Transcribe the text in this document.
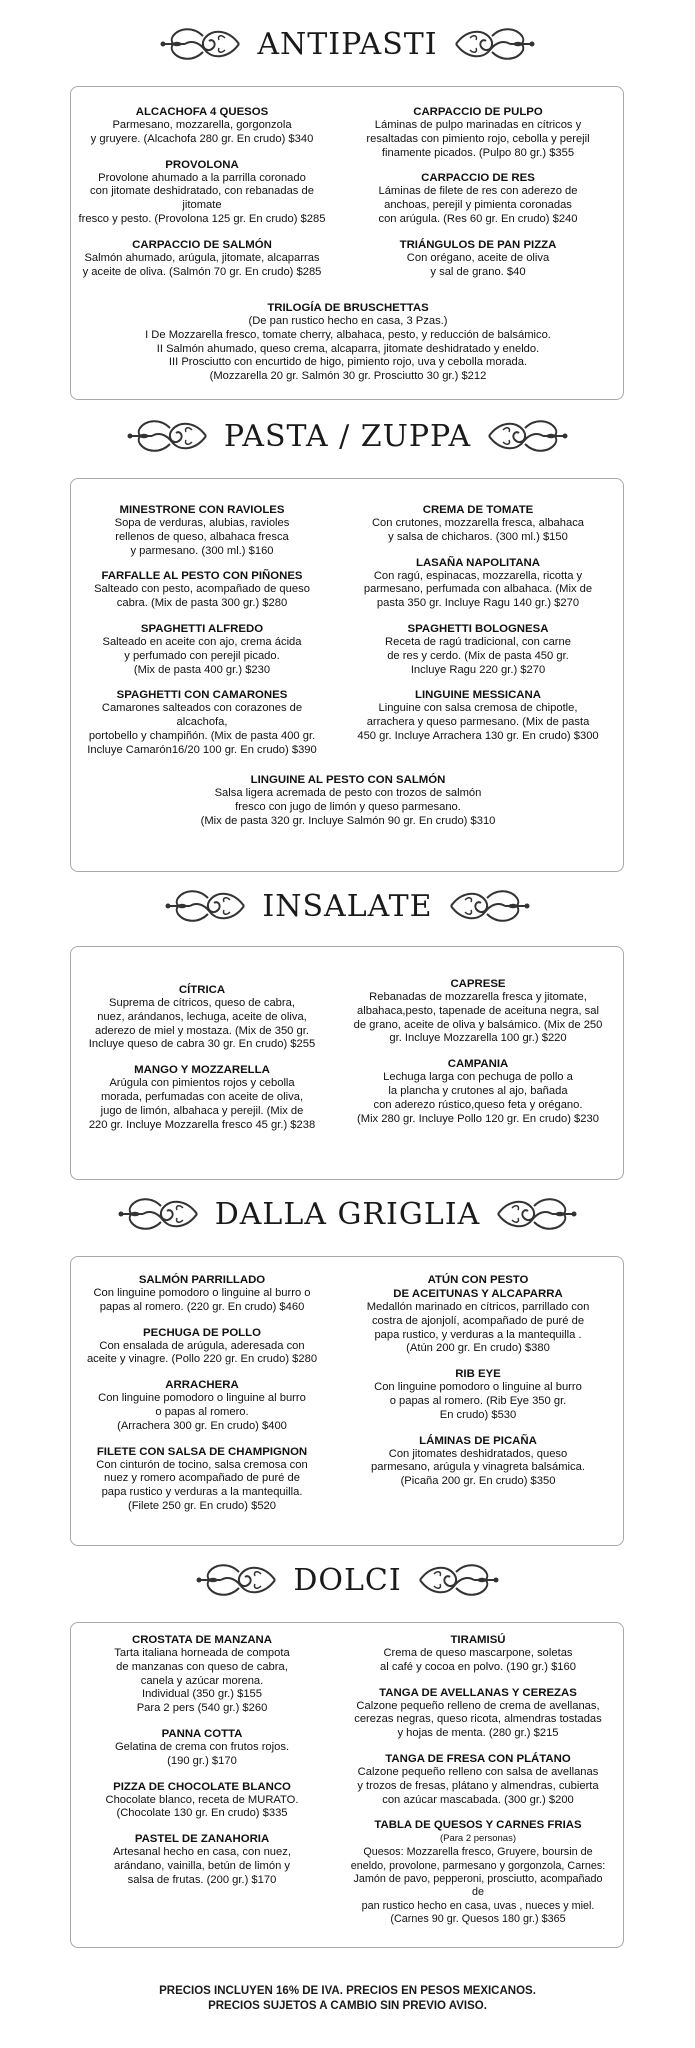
ANTIPASTI
ALCACHOFA 4 QUESOS
Parmesano, mozzarella, gorgonzola
y gruyere. (Alcachofa 280 gr. En crudo) $340
PROVOLONA
Provolone ahumado a la parrilla coronado
con jitomate deshidratado, con rebanadas de jitomate
fresco y pesto. (Provolona 125 gr. En crudo) $285
CARPACCIO DE SALMÓN
Salmón ahumado, arúgula, jitomate, alcaparras
y aceite de oliva. (Salmón 70 gr. En crudo) $285
CARPACCIO DE PULPO
Láminas de pulpo marinadas en cítricos y
resaltadas con pimiento rojo, cebolla y perejil
finamente picados. (Pulpo 80 gr.) $355
CARPACCIO DE RES
Láminas de filete de res con aderezo de
anchoas, perejil y pimienta coronadas
con arúgula. (Res 60 gr. En crudo) $240
TRIÁNGULOS DE PAN PIZZA
Con orégano, aceite de oliva
y sal de grano. $40
TRILOGÍA DE BRUSCHETTAS
(De pan rustico hecho en casa, 3 Pzas.)
I De Mozzarella fresco, tomate cherry, albahaca, pesto, y reducción de balsámico.
II Salmón ahumado, queso crema, alcaparra, jitomate deshidratado y eneldo.
III Prosciutto con encurtido de higo, pimiento rojo, uva y cebolla morada.
(Mozzarella 20 gr. Salmón 30 gr. Prosciutto 30 gr.) $212
PASTA / ZUPPA
MINESTRONE CON RAVIOLES
Sopa de verduras, alubias, ravioles
rellenos de queso, albahaca fresca
y parmesano. (300 ml.) $160
FARFALLE AL PESTO CON PIÑONES
Salteado con pesto, acompañado de queso
cabra. (Mix de pasta 300 gr.) $280
SPAGHETTI ALFREDO
Salteado en aceite con ajo, crema ácida
y perfumado con perejil picado.
(Mix de pasta 400 gr.) $230
SPAGHETTI CON CAMARONES
Camarones salteados con corazones de alcachofa,
portobello y champiñón. (Mix de pasta 400 gr.
Incluye Camarón16/20 100 gr. En crudo) $390
CREMA DE TOMATE
Con crutones, mozzarella fresca, albahaca
y salsa de chicharos. (300 ml.) $150
LASAÑA NAPOLITANA
Con ragú, espinacas, mozzarella, ricotta y
parmesano, perfumada con albahaca. (Mix de
pasta 350 gr. Incluye Ragu 140 gr.) $270
SPAGHETTI BOLOGNESA
Receta de ragú tradicional, con carne
de res y cerdo. (Mix de pasta 450 gr.
Incluye Ragu 220 gr.) $270
LINGUINE MESSICANA
Linguine con salsa cremosa de chipotle,
arrachera y queso parmesano. (Mix de pasta
450 gr. Incluye Arrachera 130 gr. En crudo) $300
LINGUINE AL PESTO CON SALMÓN
Salsa ligera acremada de pesto con trozos de salmón
fresco con jugo de limón y queso parmesano.
(Mix de pasta 320 gr. Incluye Salmón 90 gr. En crudo) $310
INSALATE
CÍTRICA
Suprema de cítricos, queso de cabra,
nuez, arándanos, lechuga, aceite de oliva,
aderezo de miel y mostaza. (Mix de 350 gr.
Incluye queso de cabra 30 gr. En crudo) $255
MANGO Y MOZZARELLA
Arúgula con pimientos rojos y cebolla
morada, perfumadas con aceite de oliva,
jugo de limón, albahaca y perejil. (Mix de
220 gr. Incluye Mozzarella fresco 45 gr.) $238
CAPRESE
Rebanadas de mozzarella fresca y jitomate,
albahaca,pesto, tapenade de aceituna negra, sal
de grano, aceite de oliva y balsámico. (Mix de 250
gr. Incluye Mozzarella 100 gr.) $220
CAMPANIA
Lechuga larga con pechuga de pollo a
la plancha y crutones al ajo, bañada
con aderezo rústico,queso feta y orégano.
(Mix 280 gr. Incluye Pollo 120 gr. En crudo) $230
DALLA GRIGLIA
SALMÓN PARRILLADO
Con linguine pomodoro o linguine al burro o
papas al romero. (220 gr. En crudo) $460
PECHUGA DE POLLO
Con ensalada de arúgula, aderesada con
aceite y vinagre. (Pollo 220 gr. En crudo) $280
ARRACHERA
Con linguine pomodoro o linguine al burro
o papas al romero.
(Arrachera 300 gr. En crudo) $400
FILETE CON SALSA DE CHAMPIGNON
Con cinturón de tocino, salsa cremosa con
nuez y romero acompañado de puré de
papa rustico y verduras a la mantequilla.
(Filete 250 gr. En crudo) $520
ATÚN CON PESTO
DE ACEITUNAS Y ALCAPARRA
Medallón marinado en cítricos, parrillado con
costra de ajonjolí, acompañado de puré de
papa rustico, y verduras a la mantequilla .
(Atún 200 gr. En crudo) $380
RIB EYE
Con linguine pomodoro o linguine al burro
o papas al romero. (Rib Eye 350 gr.
En crudo) $530
LÁMINAS DE PICAÑA
Con jitomates deshidratados, queso
parmesano, arúgula y vinagreta balsámica.
(Picaña 200 gr. En crudo) $350
DOLCI
CROSTATA DE MANZANA
Tarta italiana horneada de compota
de manzanas con queso de cabra,
canela y azúcar morena.
Individual (350 gr.) $155
Para 2 pers (540 gr.) $260
PANNA COTTA
Gelatina de crema con frutos rojos.
(190 gr.) $170
PIZZA DE CHOCOLATE BLANCO
Chocolate blanco, receta de MURATO.
(Chocolate 130 gr. En crudo) $335
PASTEL DE ZANAHORIA
Artesanal hecho en casa, con nuez,
arándano, vainilla, betún de limón y
salsa de frutas. (200 gr.) $170
TIRAMISÚ
Crema de queso mascarpone, soletas
al café y cocoa en polvo. (190 gr.) $160
TANGA DE AVELLANAS Y CEREZAS
Calzone pequeño relleno de crema de avellanas,
cerezas negras, queso ricota, almendras tostadas
y hojas de menta. (280 gr.) $215
TANGA DE FRESA CON PLÁTANO
Calzone pequeño relleno con salsa de avellanas
y trozos de fresas, plátano y almendras, cubierta
con azúcar mascabada. (300 gr.) $200
TABLA DE QUESOS Y CARNES FRIAS
(Para 2 personas)
Quesos: Mozzarella fresco, Gruyere, boursin de
eneldo, provolone, parmesano y gorgonzola, Carnes:
Jamón de pavo, pepperoni, prosciutto, acompañado de
pan rustico hecho en casa, uvas , nueces y miel.
(Carnes 90 gr. Quesos 180 gr.) $365
PRECIOS INCLUYEN 16% DE IVA. PRECIOS EN PESOS MEXICANOS.
PRECIOS SUJETOS A CAMBIO SIN PREVIO AVISO.
